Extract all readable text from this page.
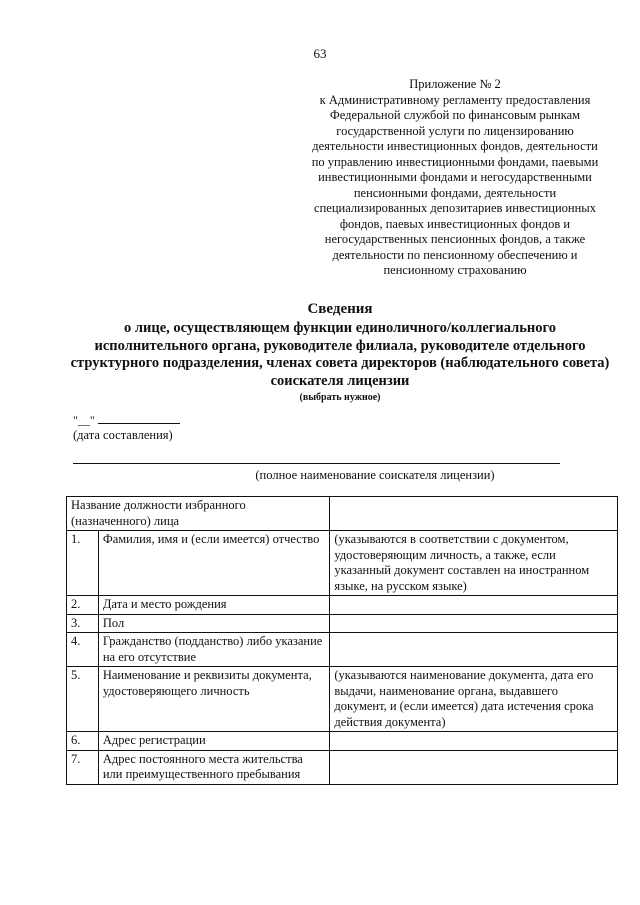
63
Приложение № 2
к Административному регламенту предоставления
Федеральной службой по финансовым рынкам
государственной услуги по лицензированию
деятельности инвестиционных фондов, деятельности
по управлению инвестиционными фондами, паевыми
инвестиционными фондами и негосударственными
пенсионными фондами, деятельности
специализированных депозитариев инвестиционных
фондов, паевых инвестиционных фондов и
негосударственных пенсионных фондов, а также
деятельности по пенсионному обеспечению и
пенсионному страхованию
Сведения
о лице, осуществляющем функции единоличного/коллегиального
исполнительного органа, руководителе филиала, руководителе отдельного
структурного подразделения, членах совета директоров (наблюдательного совета)
соискателя лицензии
(выбрать нужное)
"__"
(дата составления)
(полное наименование соискателя лицензии)
Название должности избранного (назначенного) лица		
1.	Фамилия, имя и (если имеется) отчество	(указываются в соответствии с документом, удостоверяющим личность, а также, если указанный документ составлен на иностранном языке, на русском языке)
2.	Дата и место рождения	
3.	Пол	
4.	Гражданство (подданство) либо указание на его отсутствие	
5.	Наименование и реквизиты документа, удостоверяющего личность	(указываются наименование документа, дата его выдачи, наименование органа, выдавшего документ, и (если имеется) дата истечения срока действия документа)
6.	Адрес регистрации	
7.	Адрес постоянного места жительства или преимущественного пребывания	
